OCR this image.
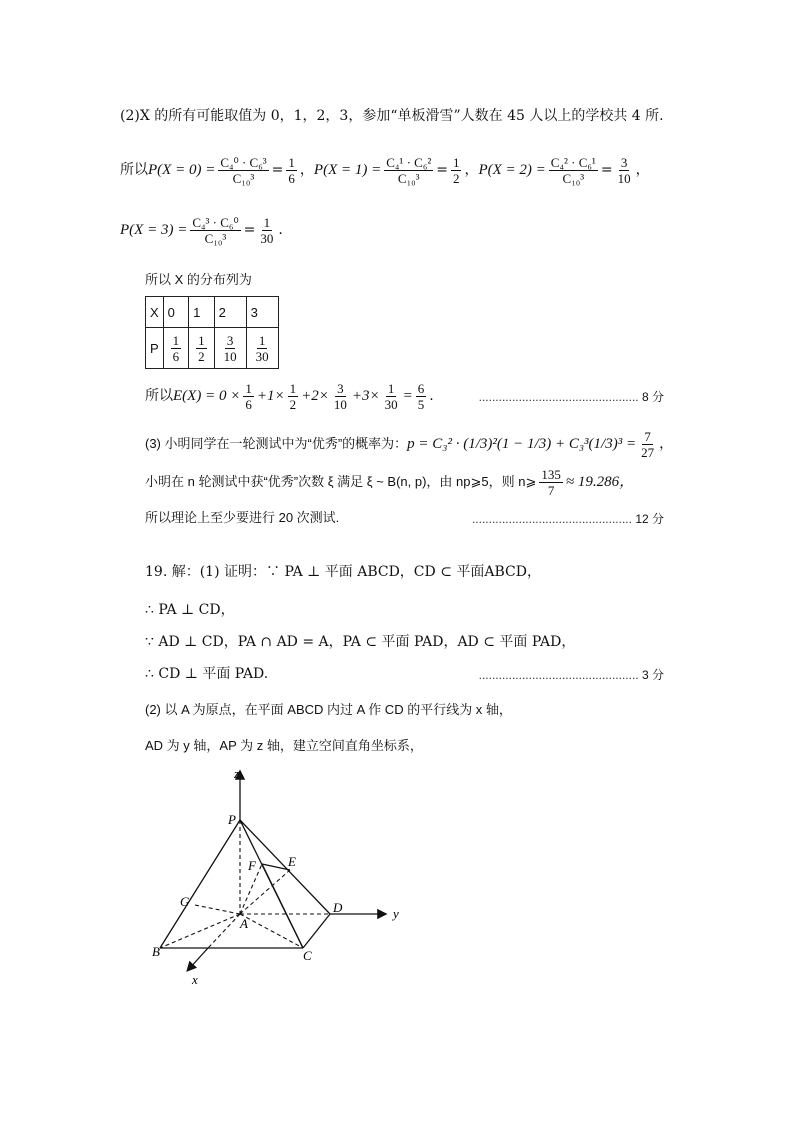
(2)X 的所有可能取值为 0，1，2，3，参加“单板滑雪”人数在 45 人以上的学校共 4 所.
所以 $P(X = 0) = \frac{\text{C₄⁰ · C₆³}}{\text{C₁₀³}} = \frac{1}{6}$ ， $P(X = 1) = \frac{\text{C₄¹ · C₆²}}{\text{C₁₀³}} = \frac{1}{2}$ ， $P(X = 2) = \frac{\text{C₄² · C₆¹}}{\text{C₁₀³}} = \frac{3}{10}$ ，
$P(X = 3) = \frac{\text{C₄³ · C₆⁰}}{\text{C₁₀³}} = \frac{1}{30}$ .
所以 X 的分布列为
X	0	1	2	3
P	$\frac{1}{6}$	$\frac{1}{2}$	$\frac{3}{10}$	$\frac{1}{30}$
所以 $E(X) = 0 \times \frac{1}{6} + 1 \times \frac{1}{2} + 2 \times \frac{3}{10} + 3 \times \frac{1}{30} = \frac{6}{5}$ .	................................................ 8 分
(3) 小明同学在一轮测试中为“优秀”的概率为： $p = C_3^2 \cdot (1/3)^2(1 - 1/3) + C_3^3(1/3)^3 = \frac{7}{27}$ ，
小明在 n 轮测试中获“优秀”次数 ξ 满足 ξ ~ B(n, p)，由 np⩾5，则 n⩾ $\frac{135}{7} \approx 19.286$，
所以理论上至少要进行 20 次测试.	................................................ 12 分
19. 解：(1) 证明：∵ PA ⊥ 平面 ABCD，CD ⊂ 平面ABCD，
∴ PA ⊥ CD，
∵ AD ⊥ CD，PA ∩ AD = A，PA ⊂ 平面 PAD，AD ⊂ 平面 PAD，
∴ CD ⊥ 平面 PAD.	................................................ 3 分
(2) 以 A 为原点，在平面 ABCD 内过 A 作 CD 的平行线为 x 轴，
AD 为 y 轴，AP 为 z 轴，建立空间直角坐标系，
z
y
x
P
F E
G
A
D
B	C
